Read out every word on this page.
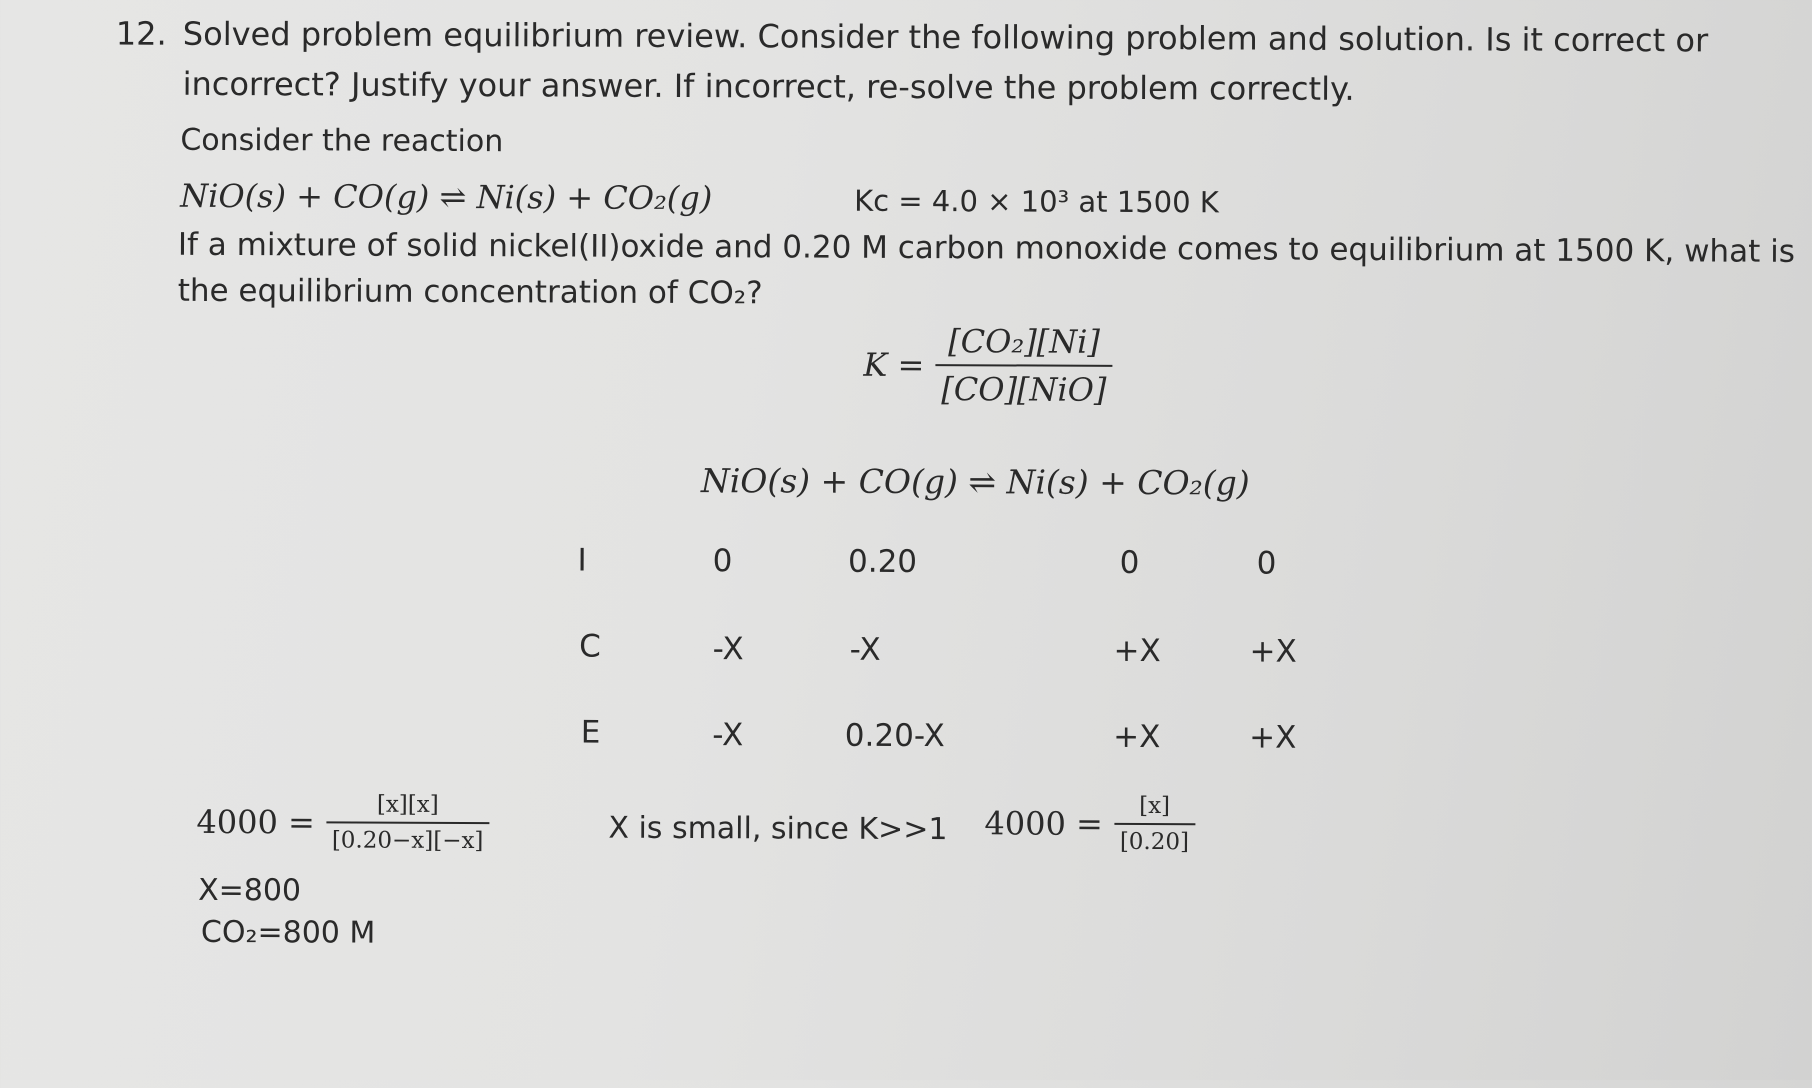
12. Solved problem equilibrium review. Consider the following problem and solution. Is it correct or
incorrect? Justify your answer. If incorrect, re-solve the problem correctly.
Consider the reaction
NiO(s) + CO(g) ⇌ Ni(s) + CO₂(g)	Kc = 4.0 × 10³ at 1500 K
If a mixture of solid nickel(II)oxide and 0.20 M carbon monoxide comes to equilibrium at 1500 K, what is
the equilibrium concentration of CO₂?
$K = \frac{\text{[CO₂][Ni]}}{\text{[CO][NiO]}}$
NiO(s) + CO(g) ⇌ Ni(s) + CO₂(g)
I	0	0.20	0	0
C	-X	-X	+X	+X
E	-X	0.20-X	+X	+X
$4000 = \frac{[x][x]}{[0.20-x][-x]}$
X=800
CO₂=800 M
X is small, since K>>1 $4000 = \frac{[x]}{[0.20]}$
